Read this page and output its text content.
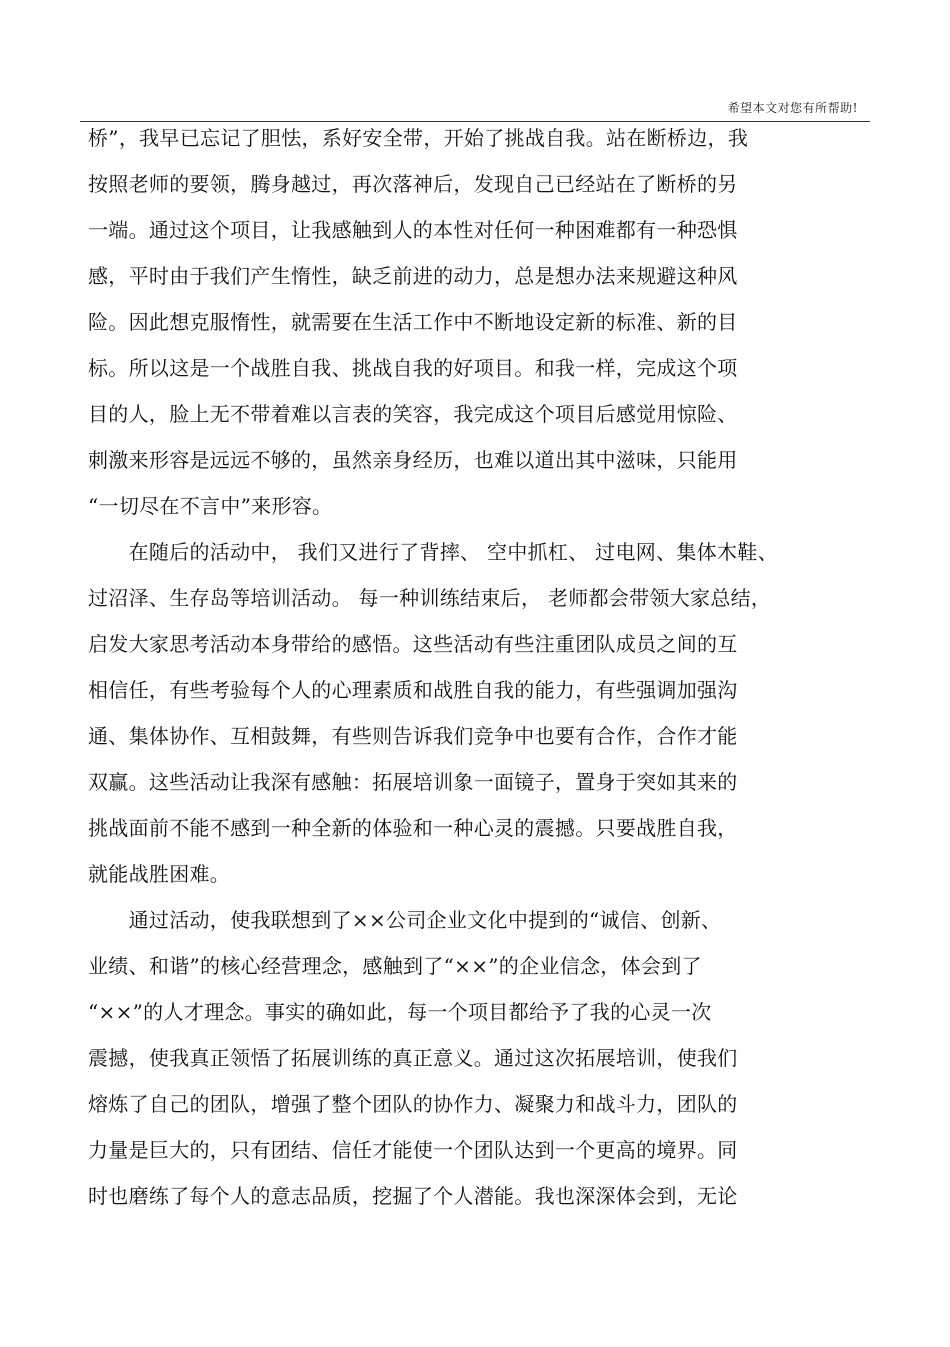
希望本文对您有所帮助!
桥”，我早已忘记了胆怯，系好安全带，开始了挑战自我。站在断桥边，我
按照老师的要领，腾身越过，再次落神后，发现自己已经站在了断桥的另
一端。通过这个项目，让我感触到人的本性对任何一种困难都有一种恐惧
感，平时由于我们产生惰性，缺乏前进的动力，总是想办法来规避这种风
险。因此想克服惰性，就需要在生活工作中不断地设定新的标准、新的目
标。所以这是一个战胜自我、挑战自我的好项目。和我一样，完成这个项
目的人，脸上无不带着难以言表的笑容，我完成这个项目后感觉用惊险、
刺激来形容是远远不够的，虽然亲身经历，也难以道出其中滋味，只能用
“一切尽在不言中”来形容。
　　在随后的活动中， 我们又进行了背摔、 空中抓杠、 过电网、集体木鞋、
过沼泽、生存岛等培训活动。 每一种训练结束后， 老师都会带领大家总结，
启发大家思考活动本身带给的感悟。这些活动有些注重团队成员之间的互
相信任，有些考验每个人的心理素质和战胜自我的能力，有些强调加强沟
通、集体协作、互相鼓舞，有些则告诉我们竞争中也要有合作，合作才能
双赢。这些活动让我深有感触：拓展培训象一面镜子，置身于突如其来的
挑战面前不能不感到一种全新的体验和一种心灵的震撼。只要战胜自我，
就能战胜困难。
　　通过活动，使我联想到了××公司企业文化中提到的“诚信、创新、
业绩、和谐”的核心经营理念，感触到了“××”的企业信念，体会到了
“××”的人才理念。事实的确如此，每一个项目都给予了我的心灵一次
震撼，使我真正领悟了拓展训练的真正意义。通过这次拓展培训，使我们
熔炼了自己的团队，增强了整个团队的协作力、凝聚力和战斗力，团队的
力量是巨大的，只有团结、信任才能使一个团队达到一个更高的境界。同
时也磨练了每个人的意志品质，挖掘了个人潜能。我也深深体会到，无论
